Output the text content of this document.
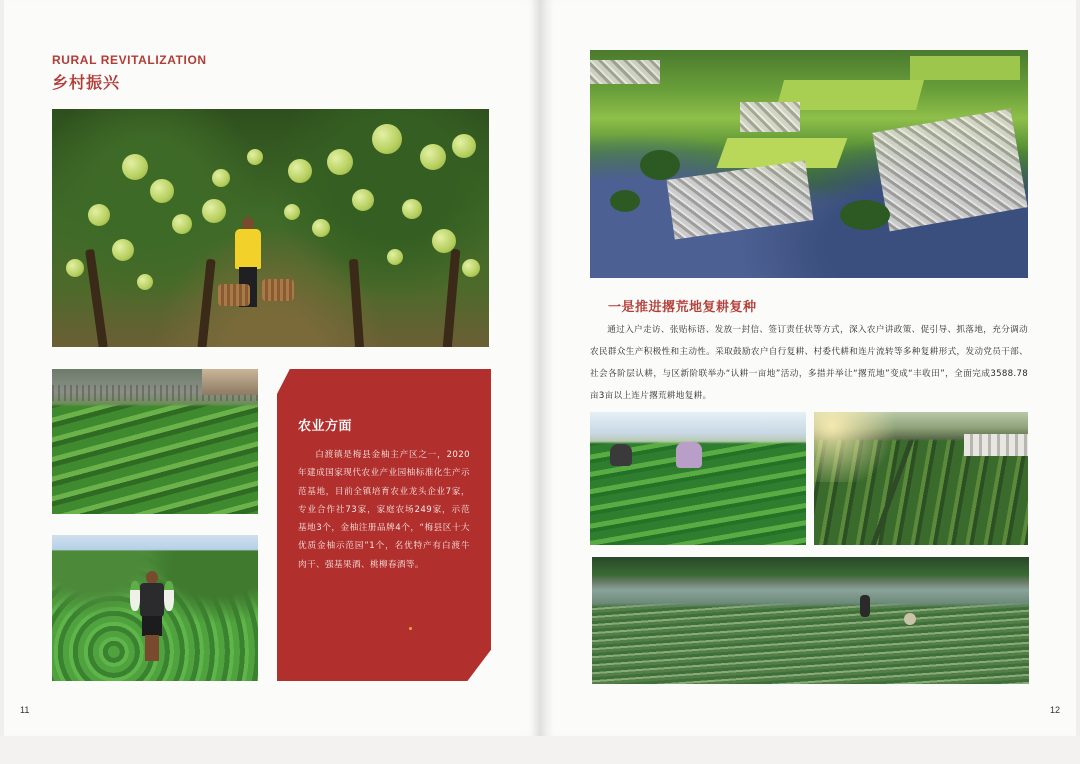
RURAL REVITALIZATION
乡村振兴
农业方面
白渡镇是梅县金柚主产区之一，2020年建成国家现代农业产业园柚标准化生产示范基地，目前全镇培育农业龙头企业7家，专业合作社73家，家庭农场249家，示范基地3个，金柚注册品牌4个，“梅县区十大优质金柚示范园”1个，名优特产有白渡牛肉干、强基果酒、桃柳春酒等。
11
一是推进撂荒地复耕复种
通过入户走访、张贴标语、发放一封信、签订责任状等方式，深入农户讲政策、促引导、抓落地，充分调动农民群众生产积极性和主动性。采取鼓励农户自行复耕、村委代耕和连片流转等多种复耕形式，发动党员干部、社会各阶层认耕，与区新阶联举办“认耕一亩地”活动，多措并举让“撂荒地”变成“丰收田”，全面完成3588.78亩3亩以上连片撂荒耕地复耕。
12
